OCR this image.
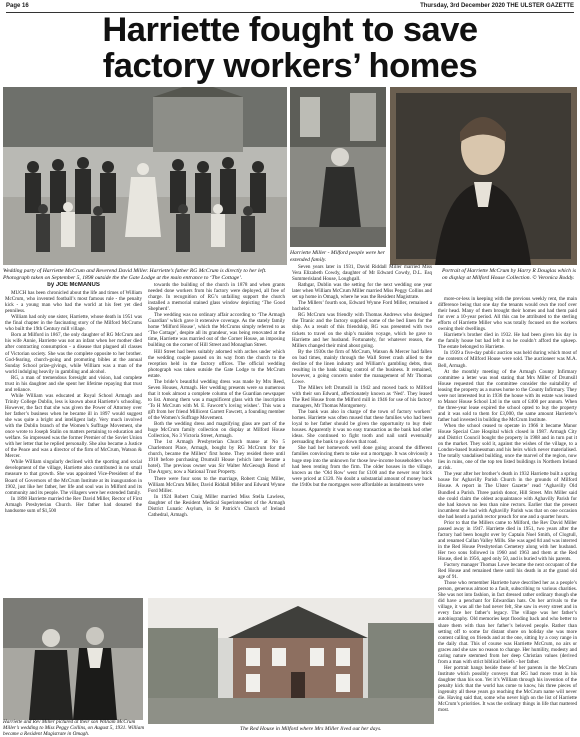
Page 16	Thursday, 3rd December 2020 THE ULSTER GAZETTE
Harriette fought to save
factory workers’ homes
Wedding party of Harriette McCrum and Reverend David Miller. Harriette’s father RG McCrum is directly to her left. Photograph taken on September 5, 1898 outside the the Gate Lodge at the main entrance to ‘The Cottage’.
Harriette Miller - Milford people were her extended family.
Portrait of Harriette McCrum by Harry R Douglas which is on display at Milford House Collection. © Veronica Roddy.
by JOE McMANUS

MUCH has been chronicled about the life and times of William McCrum, who invented football’s most famous rule - the penalty kick - a young man who had the world at his feet yet died penniless.

William had only one sister, Harriette, whose death in 1951 was the final chapter in the fascinating story of the Milford McCrums who built the 19th Century mill village.

Born at Milford in 1867, the only daughter of RG McCrum and his wife Annie, Harriette was not an infant when her mother died after contracting consumption - a disease that plagued all classes of Victorian society. She was the complete opposite to her brother. God-fearing, church-going and promoting bibles at the annual Sunday School prize-givings, while William was a man of the world indulging heavily in gambling and alcohol.

RG, a man of tremendous foresight and vision, had complete trust in his daughter and she spent her lifetime repaying that trust and reliance.

While William was educated at Royal School Armagh and Trinity College Dublin, less is known about Harriette’s schooling. However, the fact that she was given the Power of Attorney over her father’s business when he became ill in 1897 would suggest she was quite a bright and intelligent lady. Very much involved with the Dublin branch of the Women’s Suffrage Movement, she once wrote to Joseph Stalin on matters pertaining to education and welfare. So impressed was the former Premier of the Soviet Union with her letter that he replied personally. She also became a Justice of the Peace and was a director of the firm of McCrum, Watson & Mercer.

While William singularly declined with the sporting and social development of the village, Harriette also contributed in no small measure to that growth. She was appointed Vice-President of the Board of Governors of the McCrum Institute at its inauguration in 1902, just like her father, her life and soul was in Milford and its community and its people. The villagers were her extended family.

In 1898 Harriette married the Rev David Miller, Rector of First Armagh Presbyterian Church. Her father had donated the handsome sum of $1,500

towards the building of the church in 1878 and when grants needed done workers from his factory were deployed, all free of charge. In recognition of RG’s unfailing support the church installed a memorial stained glass window depicting ‘The Good Shepherd’.

The wedding was no ordinary affair according to ‘The Armagh Guardian’ which gave it extensive coverage. As the stately family home ‘Milford House’, which the McCrums simply referred to as ‘The Cottage’, despite all its grandeur, was being renovated at the time, Harriette was married out of the Corner House, an imposing building on the corner of Hill Street and Monaghan Street.

Hill Street had been suitably adorned with arches under which the wedding couple passed on its way from the church to the reception held in the factory offices. The official wedding photograph was taken outside the Gate Lodge to the McCrum estate.

The bride’s beautiful wedding dress was made by Mrs Reed, Seven Houses, Armagh. Her wedding presents were so numerous that it took almost a complete column of the Guardian newspaper to list. Among them was a magnificent glass with the inscription ‘To H McCrum with M. E. Fawcett’s loving wishes’. This was a gift from her friend Millicent Garrett Fawcett, a founding member of the Women’s Suffrage Movement.

Both the wedding dress and magnifying glass are part of the huge McCrum family collection on display at Milford House Collection, No 3 Victoria Street, Armagh.

The 1st Armagh Presbyterian Church manse at No 5 Charlemont Place, Armagh, bought by RG McCrum for the church, became the Millers’ first home. They resided there until 1918 before purchasing Drumsill House (which later became a hotel). The previous owner was Sir Walter McGeough Bond of The Argory, now a National Trust Property.

There were four sons to the marriage, Robert Craig Miller, William McCrum Miller, David Riddall Miller and Edward Wynne Ford Miller.

In 1924 Robert Craig Miller married Miss Stella Lawless, daughter of the Resident Medical Superintendent of the Armagh District Lunatic Asylum, in St Patrick’s Church of Ireland Cathedral, Armagh.

Seven years later in 1931, David Riddall Miller married Miss Vera Elizabeth Cowdy, daughter of Mr Edward Cowdy, D.L. Esq Summerisland House, Loughgall.

Rathgar, Dublin was the setting for the next wedding one year later when William McCrum Miller married Miss Peggy Collins and set up home in Omagh, where he was the Resident Magistrate.

The Millers’ fourth son, Edward Wynne Ford Miller, remained a bachelor.

RG McCrum was friendly with Thomas Andrews who designed the Titanic and the factory supplied some of the bed linen for the ship. As a result of this friendship, RG was presented with two tickets to travel on the ship’s maiden voyage, which he gave to Harriette and her husband. Fortunately, for whatever reason, the Millers changed their mind about going.

By the 1930s the firm of McCrum, Watson & Mercer had fallen on bad times, mainly through the Wall Street crash allied to the decline of the linen industry and William’s gambling debts, thus resulting in the bank taking control of the business. It remained, however, a going concern under the management of Mr Thomas Lowe.

The Millers left Drumsill in 1942 and moved back to Milford with their son Edward, affectionately known as ‘Ned’. They leased The Red House from the Milford mill in 1946 for use of his factory managers, Mr Thomas Montgomery.

The bank was also in charge of the town of factory workers’ homes. Harriette was often mused that these families who had been loyal to her father should be given the opportunity to buy their houses. Apparently it was no easy transaction as the bank had other ideas. She continued to fight tooth and nail until eventually persuading the bank to go down that road.

She had her homework well done going around the different families convincing them to take out a mortgage. It was obviously a huge step into the unknown for those low-income householders who had been renting from the firm. The older houses in the village, known as the ‘Old Row’ went for £100 and the newer rear brick were priced at £120. No doubt a substantial amount of money back the 1940s but the mortgages were affordable as instalments were

more-or-less in keeping with the previous weekly rent, the main difference being that one day the tenants would own the roof over their head. Many of them brought their homes and had them paid for over a 10-year period. All this can be attributed to the sterling efforts of Harriette Miller who was totally focused on the workers owning their dwellings.

Harriette’s brother died in 1932. He had been given his day in the family house but had left it so he couldn’t afford the upkeep. The estate belonged to Harriette.

In 1939 a five-day public auction was held during which most of the contents of Milford House were sold. The auctioneer was M.A. Bell, Armagh.

At the monthly meeting of the Armagh County Infirmary committee a letter was read stating that Mrs Miller of Drumsill House requested that the committee consider the suitability of leasing the property as a nurses home to the County Infirmary. They were not interested but in 1936 the house with its estate was leased to Manor House School Ltd in the sum of £400 per annum. When the three-year lease expired the school opted to buy the property and it was sold to them for £3,000, the same amount Harriette’s father had invested in building the McCrum Institute.

When the school ceased to operate in 1966 it became Manor House Special Care Hospital which closed in 1987. Armagh City and District Council bought the property in 1988 and in turn put it on the market. They sold it, against the wishes of the village, to a London-based businessman and his heirs which never materialised. The totally vandalised building, once the marvel of the region, now lies in ruins, one of the top ten listed buildings in Northern Ireland at risk.

The year after her brother’s death in 1932 Harriette built a spring house for Aghavilly Parish Church in the grounds of Milford House. A report in The Ulster Gazette’ read ‘Aghavilly Old Bundled a Parish. Three parish donor, Hill Street. Mrs Miller said she could claim the oldest acquaintance with Aghavilly Parish for she had known no less than nine rectors. Earlier that the present incumbent she had with Aghavilly Parish was that on one occasion she had heard a parish rector preach for one and a quarter hours.

Prior to that the Millers came to Milford, the Rev David Miller passed away in 1947. Harriette died in 1951, two years after the factory had been bought over by Captain Noel Smith, of Clogtull, and renamed Callan Valley Mills. She was aged 84 and was interred in the Red House Presbyterian Cemetery along with her husband. Her two sons followed in 1960 and 1963 and them at the Red House, died in 1956, aged only 50, and is buried with his parents.

Factory manager Thomas Lowe became the next occupant of the Red House and remained there until his death in at the grand old age of 91.

Those who remember Harriette have described her as a people’s person, generous almost to a fault, subscribing to various charities. She was not into fashion, in fact dressed rather ordinary though she did have a penchant for Edwardian hats. On her arrivals to the village, it was all the bad never felt, She saw in every street and in every face her father’s legacy. The village was her father’s autobiography. Old memories kept flooding back and who better to share them with than her father’s beloved people. Rather than setting off to some far distant shore on holiday she was more content calling on friends and at the one, sitting by a cosy range in the daily chat. This of course was Harriette McCrum, no airs or graces and she saw no reason to change. Her humility, modesty and caring nature stemmed from her deep Christian values (derived from a man with strict biblical beliefs - her father.

Her portrait hangs beside those of her parents in the McCrum Institute which possibly conveys that RG had more trust in his daughter than his son. Yet it’s William through his invention of the penalty kick that the world has come to know, his three pieces of ingenuity all these years go reaching the McCrum name will never die. Having said that, some who never high on the list of Harriette McCrum’s priorities. It was the ordinary things in life that mattered most.

Harriette and Rev Miller pictured at their son William McCrum Miller’s wedding to Miss Peggy Collins, on August 5, 1931. William became a Resident Magistrate in Omagh.
The Red House in Milford where Mrs Miller lived out her days.
